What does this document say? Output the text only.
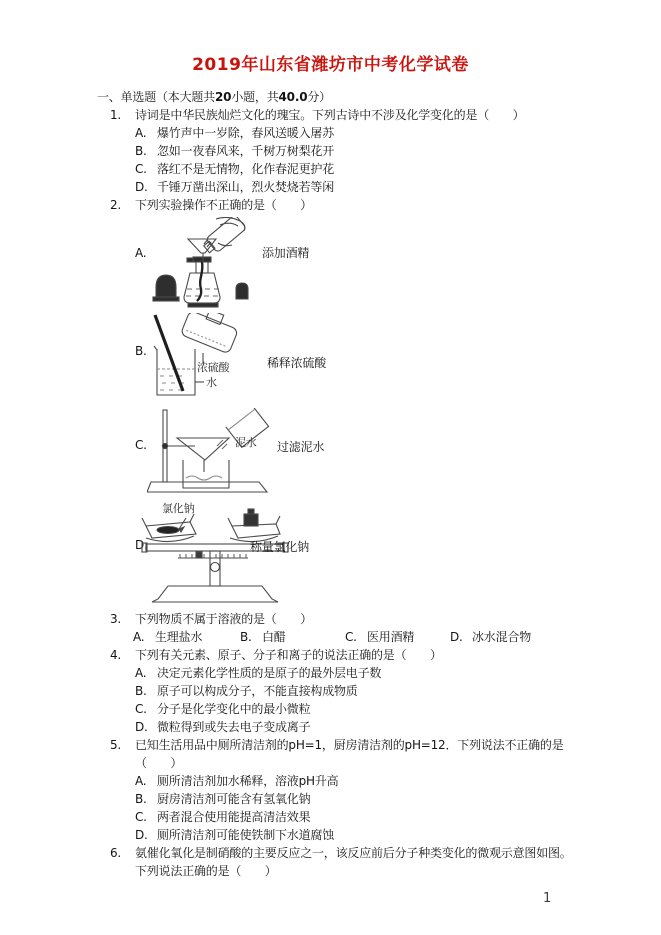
2019年山东省潍坊市中考化学试卷
一、单选题（本大题共20小题，共40.0分）
1.	诗词是中华民族灿烂文化的瑰宝。下列古诗中不涉及化学变化的是（　　）
A. 爆竹声中一岁除，春风送暖入屠苏
B. 忽如一夜春风来，千树万树梨花开
C. 落红不是无情物，化作春泥更护花
D. 千锤万凿出深山，烈火焚烧若等闲
2.	下列实验操作不正确的是（　　）
A.	添加酒精
B.
浓硫酸
水
稀释浓硫酸
C.	泥水 过滤泥水
D.
氯化钠
称量氯化钠
3.	下列物质不属于溶液的是（　　）
A. 生理盐水	B. 白醋	C. 医用酒精	D. 冰水混合物
4.	下列有关元素、原子、分子和离子的说法正确的是（　　）
A. 决定元素化学性质的是原子的最外层电子数
B. 原子可以构成分子，不能直接构成物质
C. 分子是化学变化中的最小微粒
D. 微粒得到或失去电子变成离子
5.	已知生活用品中厕所清洁剂的pH=1，厨房清洁剂的pH=12．下列说法不正确的是
（　　）
A. 厕所清洁剂加水稀释，溶液pH升高
B. 厨房清洁剂可能含有氢氧化钠
C. 两者混合使用能提高清洁效果
D. 厕所清洁剂可能使铁制下水道腐蚀
6.	氨催化氧化是制硝酸的主要反应之一，该反应前后分子种类变化的微观示意图如图。
下列说法正确的是（　　）
1
